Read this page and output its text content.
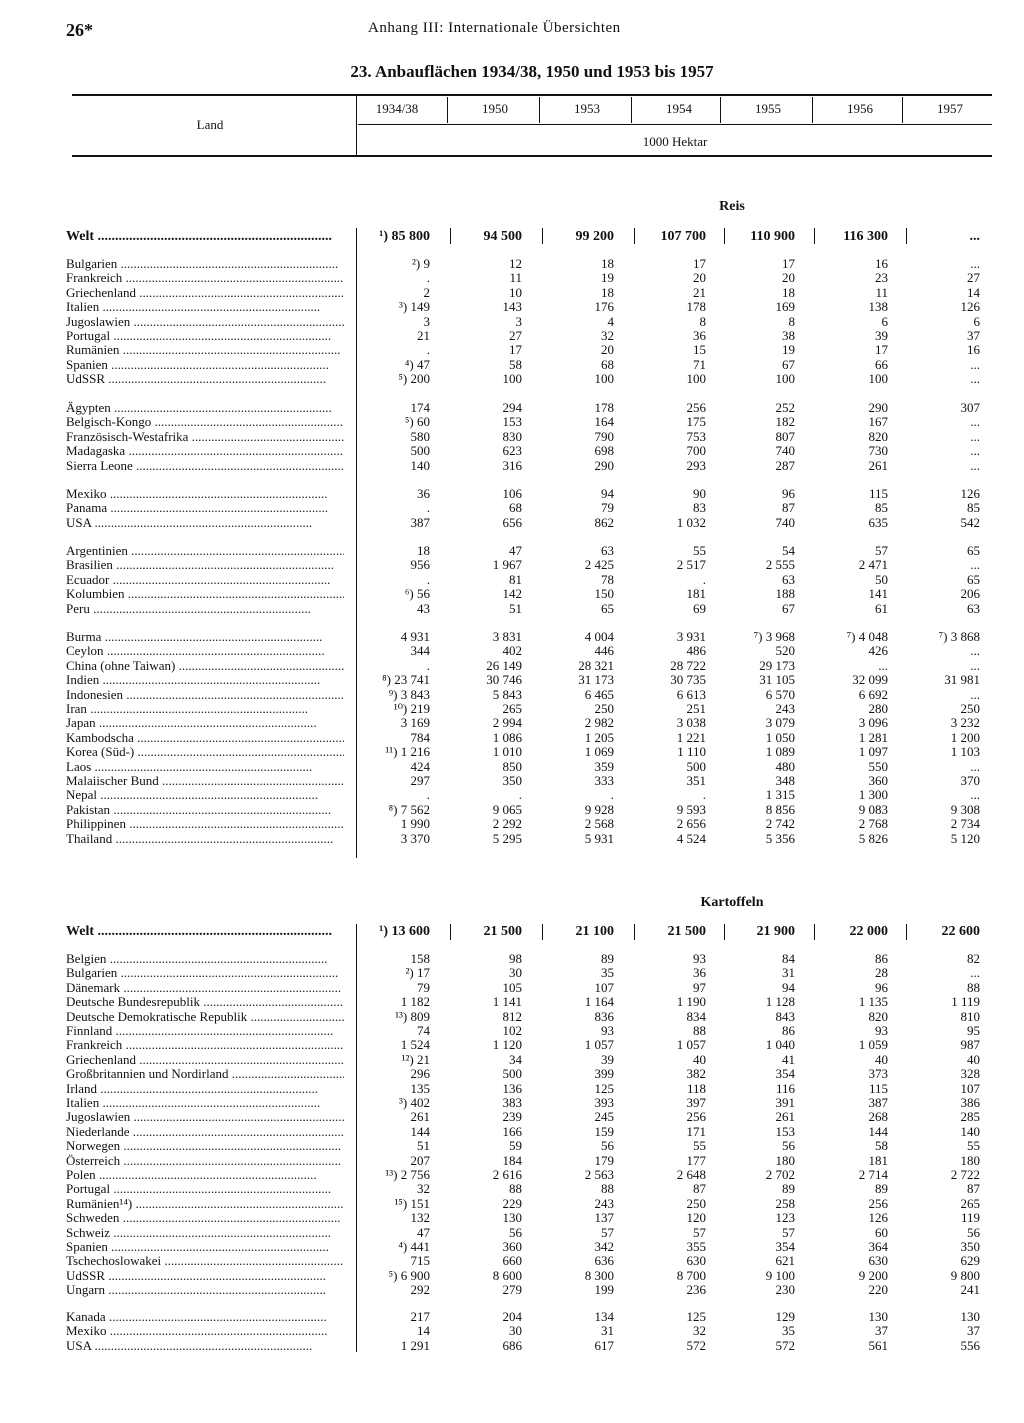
26*	Anhang III: Internationale Übersichten
23. Anbauflächen 1934/38, 1950 und 1953 bis 1957
Land
1934/38	1950	1953	1954	1955	1956	1957
1000 Hektar
Reis
Welt .....	¹) 85 800	94 500	99 200	107 700	110 900	116 300	...
Bulgarien .....	²) 9	12	18	17	17	16	...
Frankreich .....	.	11	19	20	20	23	27
Griechenland .....	2	10	18	21	18	11	14
Italien .....	³) 149	143	176	178	169	138	126
Jugoslawien .....	3	3	4	8	8	6	6
Portugal .....	21	27	32	36	38	39	37
Rumänien .....	.	17	20	15	19	17	16
Spanien .....	⁴) 47	58	68	71	67	66	...
UdSSR .....	⁵) 200	100	100	100	100	100	...
Ägypten .....	174	294	178	256	252	290	307
Belgisch-Kongo .....	⁵) 60	153	164	175	182	167	...
Französisch-Westafrika .....	580	830	790	753	807	820	...
Madagaska .....	500	623	698	700	740	730	...
Sierra Leone .....	140	316	290	293	287	261	...
Mexiko .....	36	106	94	90	96	115	126
Panama .....	.	68	79	83	87	85	85
USA .....	387	656	862	1 032	740	635	542
Argentinien .....	18	47	63	55	54	57	65
Brasilien .....	956	1 967	2 425	2 517	2 555	2 471	...
Ecuador .....	.	81	78	.	63	50	65
Kolumbien .....	⁶) 56	142	150	181	188	141	206
Peru .....	43	51	65	69	67	61	63
Burma .....	4 931	3 831	4 004	3 931	⁷) 3 968	⁷) 4 048	⁷) 3 868
Ceylon .....	344	402	446	486	520	426	...
China (ohne Taiwan) .....	.	26 149	28 321	28 722	29 173	...	...
Indien .....	⁸) 23 741	30 746	31 173	30 735	31 105	32 099	31 981
Indonesien .....	⁹) 3 843	5 843	6 465	6 613	6 570	6 692	...
Iran .....	¹⁰) 219	265	250	251	243	280	250
Japan .....	3 169	2 994	2 982	3 038	3 079	3 096	3 232
Kambodscha .....	784	1 086	1 205	1 221	1 050	1 281	1 200
Korea (Süd-) .....	¹¹) 1 216	1 010	1 069	1 110	1 089	1 097	1 103
Laos .....	424	850	359	500	480	550	...
Malaiischer Bund .....	297	350	333	351	348	360	370
Nepal .....	.	.	.	.	1 315	1 300	...
Pakistan .....	⁸) 7 562	9 065	9 928	9 593	8 856	9 083	9 308
Philippinen .....	1 990	2 292	2 568	2 656	2 742	2 768	2 734
Thailand .....	3 370	5 295	5 931	4 524	5 356	5 826	5 120
Kartoffeln
Welt .....	¹) 13 600	21 500	21 100	21 500	21 900	22 000	22 600
Belgien .....	158	98	89	93	84	86	82
Bulgarien .....	²) 17	30	35	36	31	28	...
Dänemark .....	79	105	107	97	94	96	88
Deutsche Bundesrepublik .....	1 182	1 141	1 164	1 190	1 128	1 135	1 119
Deutsche Demokratische Republik .....	¹³) 809	812	836	834	843	820	810
Finnland .....	74	102	93	88	86	93	95
Frankreich .....	1 524	1 120	1 057	1 057	1 040	1 059	987
Griechenland .....	¹²) 21	34	39	40	41	40	40
Großbritannien und Nordirland .....	296	500	399	382	354	373	328
Irland .....	135	136	125	118	116	115	107
Italien .....	³) 402	383	393	397	391	387	386
Jugoslawien .....	261	239	245	256	261	268	285
Niederlande .....	144	166	159	171	153	144	140
Norwegen .....	51	59	56	55	56	58	55
Österreich .....	207	184	179	177	180	181	180
Polen .....	¹³) 2 756	2 616	2 563	2 648	2 702	2 714	2 722
Portugal .....	32	88	88	87	89	89	87
Rumänien¹⁴) .....	¹⁵) 151	229	243	250	258	256	265
Schweden .....	132	130	137	120	123	126	119
Schweiz .....	47	56	57	57	57	60	56
Spanien .....	⁴) 441	360	342	355	354	364	350
Tschechoslowakei .....	715	660	636	630	621	630	629
UdSSR .....	⁵) 6 900	8 600	8 300	8 700	9 100	9 200	9 800
Ungarn .....	292	279	199	236	230	220	241
Kanada .....	217	204	134	125	129	130	130
Mexiko .....	14	30	31	32	35	37	37
USA .....	1 291	686	617	572	572	561	556
